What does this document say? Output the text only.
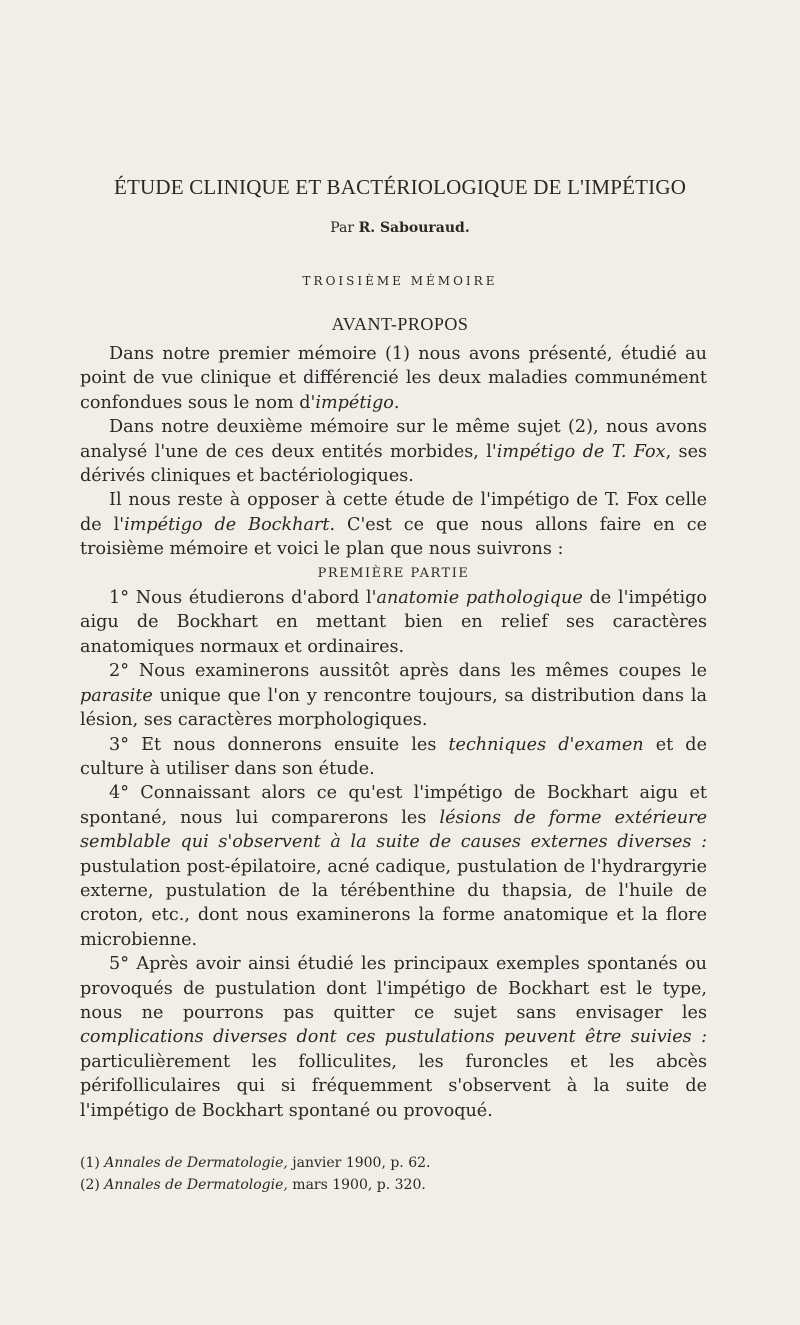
ÉTUDE CLINIQUE ET BACTÉRIOLOGIQUE DE L'IMPÉTIGO
Par R. Sabouraud.
TROISIÈME MÉMOIRE
AVANT-PROPOS

Dans notre premier mémoire (1) nous avons présenté, étudié au point de vue clinique et différencié les deux maladies communément confondues sous le nom d'impétigo.

Dans notre deuxième mémoire sur le même sujet (2), nous avons analysé l'une de ces deux entités morbides, l'impétigo de T. Fox, ses dérivés cliniques et bactériologiques.

Il nous reste à opposer à cette étude de l'impétigo de T. Fox celle de l'impétigo de Bockhart. C'est ce que nous allons faire en ce troisième mémoire et voici le plan que nous suivrons :

PREMIÈRE PARTIE

1° Nous étudierons d'abord l'anatomie pathologique de l'impétigo aigu de Bockhart en mettant bien en relief ses caractères anatomiques normaux et ordinaires.

2° Nous examinerons aussitôt après dans les mêmes coupes le parasite unique que l'on y rencontre toujours, sa distribution dans la lésion, ses caractères morphologiques.

3° Et nous donnerons ensuite les techniques d'examen et de culture à utiliser dans son étude.

4° Connaissant alors ce qu'est l'impétigo de Bockhart aigu et spontané, nous lui comparerons les lésions de forme extérieure semblable qui s'observent à la suite de causes externes diverses : pustulation post-épilatoire, acné cadique, pustulation de l'hydrargyrie externe, pustulation de la térébenthine du thapsia, de l'huile de croton, etc., dont nous examinerons la forme anatomique et la flore microbienne.

5° Après avoir ainsi étudié les principaux exemples spontanés ou provoqués de pustulation dont l'impétigo de Bockhart est le type, nous ne pourrons pas quitter ce sujet sans envisager les complications diverses dont ces pustulations peuvent être suivies : particulièrement les folliculites, les furoncles et les abcès périfolliculaires qui si fréquemment s'observent à la suite de l'impétigo de Bockhart spontané ou provoqué.

(1) Annales de Dermatologie, janvier 1900, p. 62.
(2) Annales de Dermatologie, mars 1900, p. 320.
